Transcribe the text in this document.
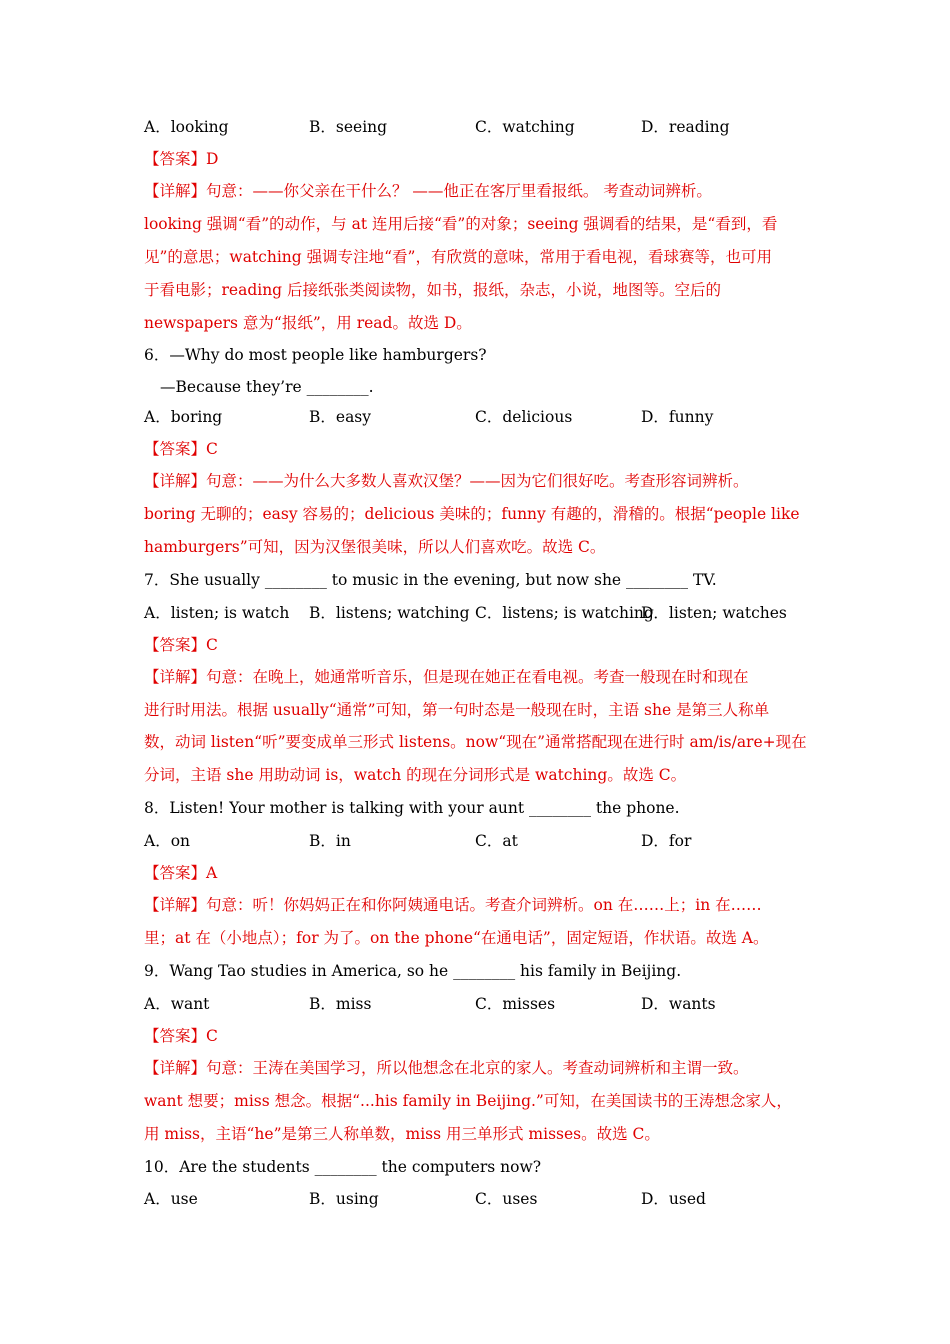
A．looking	B．seeing	C．watching	D．reading
【答案】D
【详解】句意：——你父亲在干什么？ ——他正在客厅里看报纸。 考查动词辨析。
looking 强调“看”的动作，与 at 连用后接“看”的对象；seeing 强调看的结果，是“看到，看
见”的意思；watching 强调专注地“看”，有欣赏的意味，常用于看电视，看球赛等，也可用
于看电影；reading 后接纸张类阅读物，如书，报纸，杂志，小说，地图等。空后的
newspapers 意为“报纸”，用 read。故选 D。
6．—Why do most people like hamburgers?
—Because they’re ________.
A．boring	B．easy	C．delicious	D．funny
【答案】C
【详解】句意：——为什么大多数人喜欢汉堡？——因为它们很好吃。考查形容词辨析。
boring 无聊的；easy 容易的；delicious 美味的；funny 有趣的，滑稽的。根据“people like
hamburgers”可知，因为汉堡很美味，所以人们喜欢吃。故选 C。
7．She usually ________ to music in the evening, but now she ________ TV.
A．listen; is watch B．listens; watching C．listens; is watching
D．listen; watches
【答案】C
【详解】句意：在晚上，她通常听音乐，但是现在她正在看电视。考查一般现在时和现在
进行时用法。根据 usually“通常”可知，第一句时态是一般现在时，主语 she 是第三人称单
数，动词 listen“听”要变成单三形式 listens。now“现在”通常搭配现在进行时 am/is/are+现在
分词，主语 she 用助动词 is，watch 的现在分词形式是 watching。故选 C。
8．Listen! Your mother is talking with your aunt ________ the phone.
A．on	B．in	C．at	D．for
【答案】A
【详解】句意：听！你妈妈正在和你阿姨通电话。考查介词辨析。on 在……上；in 在……
里；at 在（小地点）；for 为了。on the phone“在通电话”，固定短语，作状语。故选 A。
9．Wang Tao studies in America, so he ________ his family in Beijing.
A．want	B．miss	C．misses	D．wants
【答案】C
【详解】句意：王涛在美国学习，所以他想念在北京的家人。考查动词辨析和主谓一致。
want 想要；miss 想念。根据“...his family in Beijing.”可知，在美国读书的王涛想念家人，
用 miss，主语“he”是第三人称单数，miss 用三单形式 misses。故选 C。
10．Are the students ________ the computers now?
A．use	B．using	C．uses	D．used
